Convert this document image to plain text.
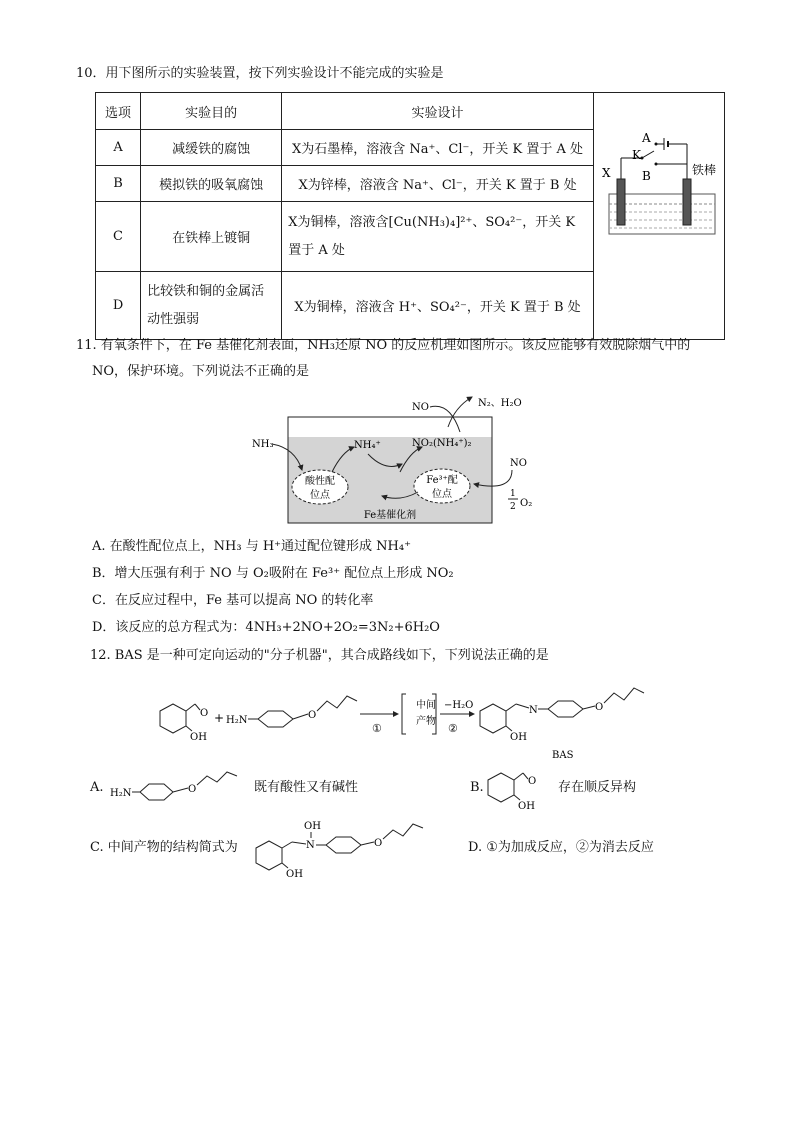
10．用下图所示的实验装置，按下列实验设计不能完成的实验是
选项	实验目的	实验设计	A
K
B
X 铁棒

A	减缓铁的腐蚀	X为石墨棒，溶液含 Na⁺、Cl⁻，开关 K 置于 A 处	
B	模拟铁的吸氧腐蚀	X为锌棒，溶液含 Na⁺、Cl⁻，开关 K 置于 B 处	
C	在铁棒上镀铜	X为铜棒，溶液含[Cu(NH₃)₄]²⁺、SO₄²⁻，开关 K 置于 A 处	
D	比较铁和铜的金属活动性强弱	X为铜棒，溶液含 H⁺、SO₄²⁻，开关 K 置于 B 处	
11. 有氧条件下，在 Fe 基催化剂表面，NH₃还原 NO 的反应机理如图所示。该反应能够有效脱除烟气中的
NO，保护环境。下列说法不正确的是
酸性配
位点
Fe³⁺配
位点
NH₃	NH₄⁺	NO₂(NH₄⁺)₂
NO	N₂、H₂O
NO
1
2 O₂
Fe基催化剂
A. 在酸性配位点上，NH₃ 与 H⁺通过配位键形成 NH₄⁺
B．增大压强有利于 NO 与 O₂吸附在 Fe³⁺ 配位点上形成 NO₂
C．在反应过程中，Fe 基可以提高 NO 的转化率
D．该反应的总方程式为：4NH₃+2NO+2O₂=3N₂+6H₂O
12. BAS 是一种可定向运动的"分子机器"，其合成路线如下，下列说法正确的是
O
OH
+ H₂N	O
①
中间
产物
−H₂O
②
N
OH
O
BAS
A. H₂N	O	既有酸性又有碱性	B.	O
OH
存在顺反异构
C. 中间产物的结构简式为	N
OH
OH
O	D. ①为加成反应，②为消去反应
